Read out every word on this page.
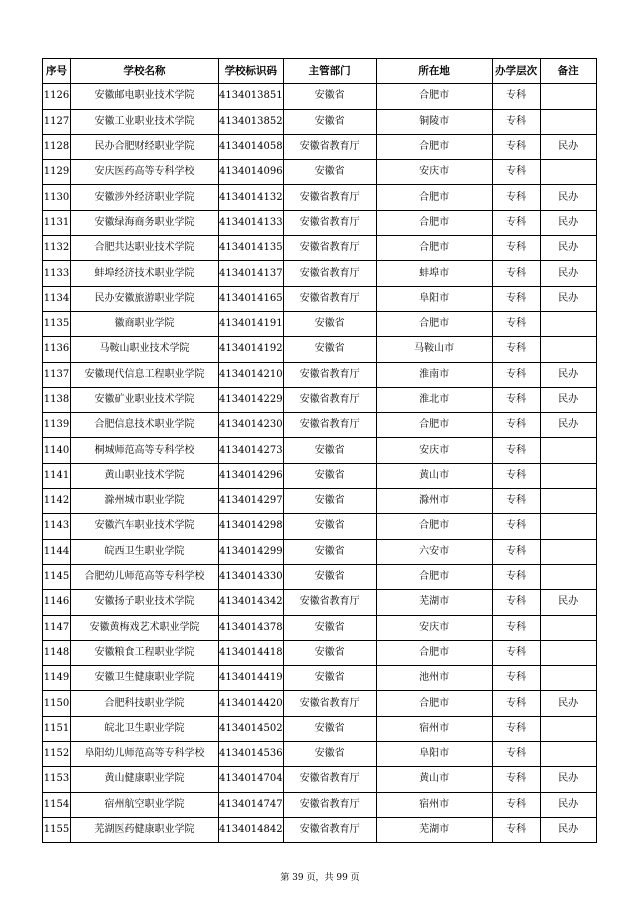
序号	学校名称	学校标识码	主管部门	所在地	办学层次	备注
1126	安徽邮电职业技术学院	4134013851	安徽省	合肥市	专科	
1127	安徽工业职业技术学院	4134013852	安徽省	铜陵市	专科	
1128	民办合肥财经职业学院	4134014058	安徽省教育厅	合肥市	专科	民办
1129	安庆医药高等专科学校	4134014096	安徽省	安庆市	专科	
1130	安徽涉外经济职业学院	4134014132	安徽省教育厅	合肥市	专科	民办
1131	安徽绿海商务职业学院	4134014133	安徽省教育厅	合肥市	专科	民办
1132	合肥共达职业技术学院	4134014135	安徽省教育厅	合肥市	专科	民办
1133	蚌埠经济技术职业学院	4134014137	安徽省教育厅	蚌埠市	专科	民办
1134	民办安徽旅游职业学院	4134014165	安徽省教育厅	阜阳市	专科	民办
1135	徽商职业学院	4134014191	安徽省	合肥市	专科	
1136	马鞍山职业技术学院	4134014192	安徽省	马鞍山市	专科	
1137	安徽现代信息工程职业学院	4134014210	安徽省教育厅	淮南市	专科	民办
1138	安徽矿业职业技术学院	4134014229	安徽省教育厅	淮北市	专科	民办
1139	合肥信息技术职业学院	4134014230	安徽省教育厅	合肥市	专科	民办
1140	桐城师范高等专科学校	4134014273	安徽省	安庆市	专科	
1141	黄山职业技术学院	4134014296	安徽省	黄山市	专科	
1142	滁州城市职业学院	4134014297	安徽省	滁州市	专科	
1143	安徽汽车职业技术学院	4134014298	安徽省	合肥市	专科	
1144	皖西卫生职业学院	4134014299	安徽省	六安市	专科	
1145	合肥幼儿师范高等专科学校	4134014330	安徽省	合肥市	专科	
1146	安徽扬子职业技术学院	4134014342	安徽省教育厅	芜湖市	专科	民办
1147	安徽黄梅戏艺术职业学院	4134014378	安徽省	安庆市	专科	
1148	安徽粮食工程职业学院	4134014418	安徽省	合肥市	专科	
1149	安徽卫生健康职业学院	4134014419	安徽省	池州市	专科	
1150	合肥科技职业学院	4134014420	安徽省教育厅	合肥市	专科	民办
1151	皖北卫生职业学院	4134014502	安徽省	宿州市	专科	
1152	阜阳幼儿师范高等专科学校	4134014536	安徽省	阜阳市	专科	
1153	黄山健康职业学院	4134014704	安徽省教育厅	黄山市	专科	民办
1154	宿州航空职业学院	4134014747	安徽省教育厅	宿州市	专科	民办
1155	芜湖医药健康职业学院	4134014842	安徽省教育厅	芜湖市	专科	民办
第 39 页，共 99 页
